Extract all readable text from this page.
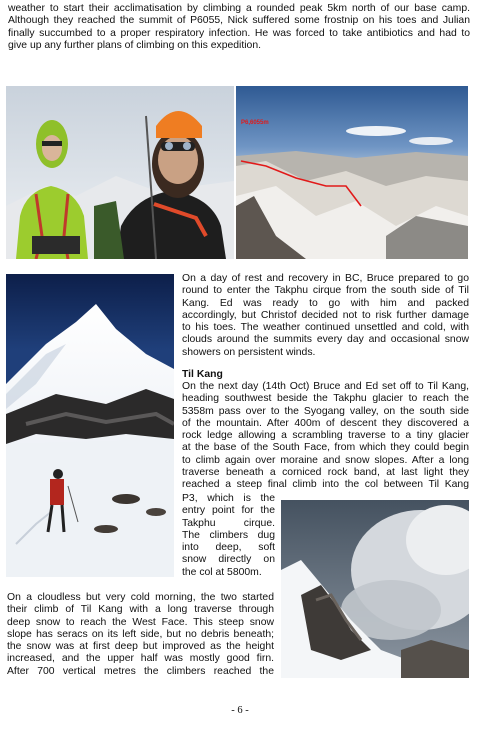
weather to start their acclimatisation by climbing a rounded peak 5km north of our base camp.
Although they reached the summit of P6055, Nick suffered some frostnip on his toes and Julian
finally succumbed to a proper respiratory infection. He was forced to take antibiotics and had to
give up any further plans of climbing on this expedition.
P6,6055m
On a day of rest and recovery in BC, Bruce prepared to go
round to enter the Takphu cirque from the south side of Til
Kang. Ed was ready to go with him and packed
accordingly, but Christof decided not to risk further damage
to his toes. The weather continued unsettled and cold, with
clouds around the summits every day and occasional snow
showers on persistent winds.
Til Kang
On the next day (14th Oct) Bruce and Ed set off to Til Kang,
heading southwest beside the Takphu glacier to reach the
5358m pass over to the Syogang valley, on the south side
of the mountain. After 400m of descent they discovered a
rock ledge allowing a scrambling traverse to a tiny glacier
at the base of the South Face, from which they could begin
to climb again over moraine and snow slopes. After a long
traverse beneath a corniced rock band, at last light they
reached a steep final climb into the col between Til Kang
P3, which is the
entry point for the
Takphu cirque.
The climbers dug
into deep, soft
snow directly on
the col at 5800m.
On a cloudless but very cold morning, the two started
their climb of Til Kang with a long traverse through
deep snow to reach the West Face. This steep snow
slope has seracs on its left side, but no debris beneath;
the snow was at first deep but improved as the height
increased, and the upper half was mostly good firn.
After 700 vertical metres the climbers reached the
- 6 -
